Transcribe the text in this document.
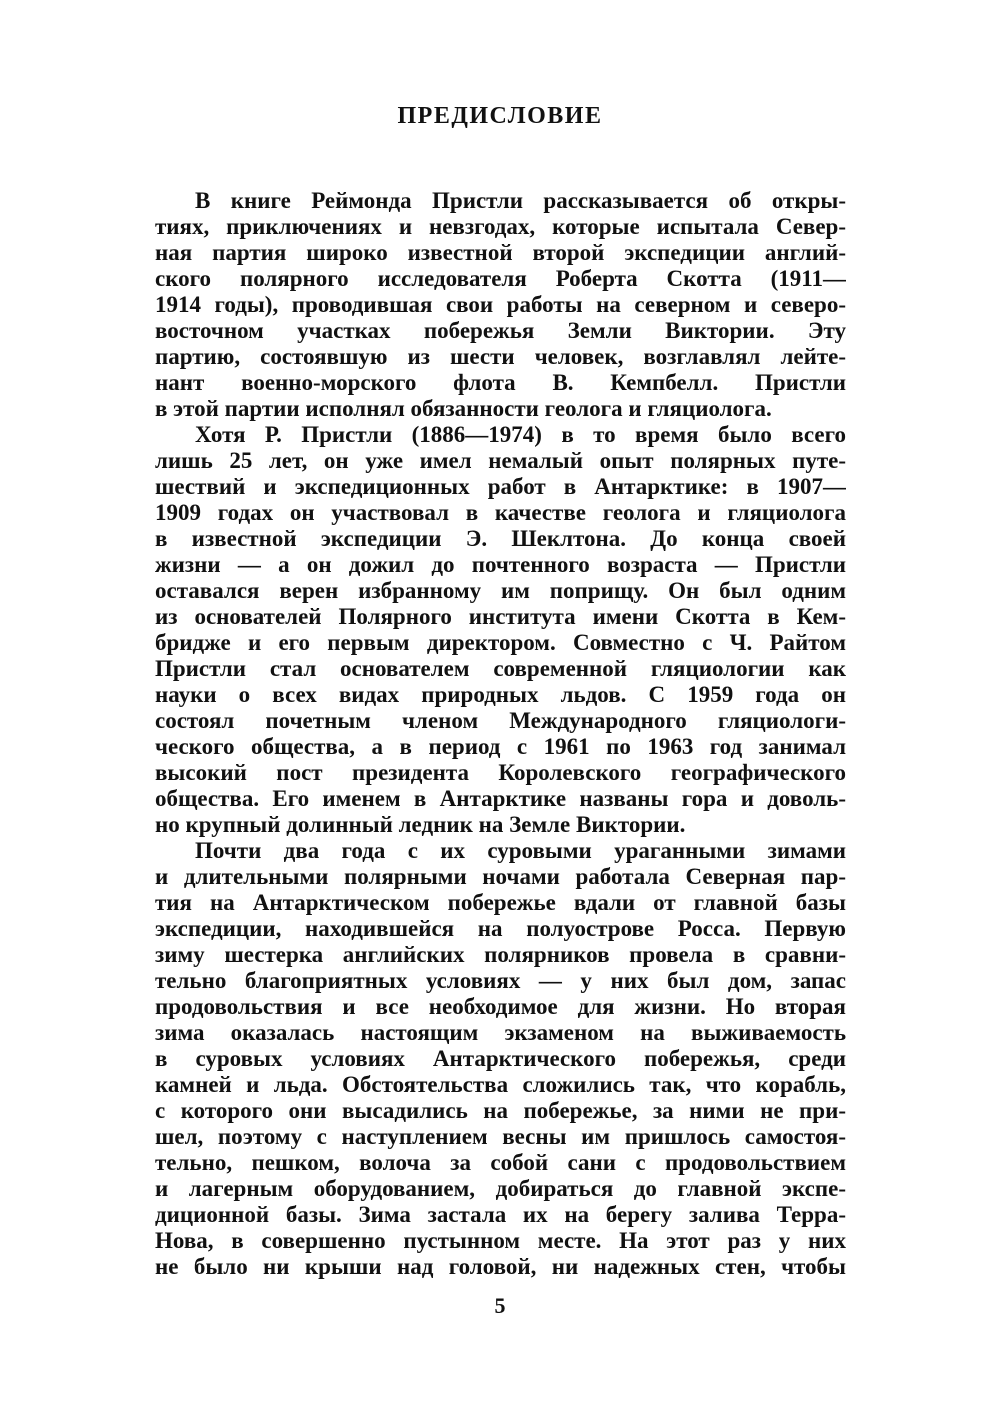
ПРЕДИСЛОВИЕ
В книге Реймонда Пристли рассказывается об откры-
тиях, приключениях и невзгодах, которые испытала Север-
ная партия широко известной второй экспедиции англий-
ского полярного исследователя Роберта Скотта (1911—
1914 годы), проводившая свои работы на северном и северо-
восточном участках побережья Земли Виктории. Эту
партию, состоявшую из шести человек, возглавлял лейте-
нант военно-морского флота В. Кемпбелл. Пристли
в этой партии исполнял обязанности геолога и гляциолога.
Хотя Р. Пристли (1886—1974) в то время было всего
лишь 25 лет, он уже имел немалый опыт полярных путе-
шествий и экспедиционных работ в Антарктике: в 1907—
1909 годах он участвовал в качестве геолога и гляциолога
в известной экспедиции Э. Шеклтона. До конца своей
жизни — а он дожил до почтенного возраста — Пристли
оставался верен избранному им поприщу. Он был одним
из основателей Полярного института имени Скотта в Кем-
бридже и его первым директором. Совместно с Ч. Райтом
Пристли стал основателем современной гляциологии как
науки о всех видах природных льдов. С 1959 года он
состоял почетным членом Международного гляциологи-
ческого общества, а в период с 1961 по 1963 год занимал
высокий пост президента Королевского географического
общества. Его именем в Антарктике названы гора и доволь-
но крупный долинный ледник на Земле Виктории.
Почти два года с их суровыми ураганными зимами
и длительными полярными ночами работала Северная пар-
тия на Антарктическом побережье вдали от главной базы
экспедиции, находившейся на полуострове Росса. Первую
зиму шестерка английских полярников провела в сравни-
тельно благоприятных условиях — у них был дом, запас
продовольствия и все необходимое для жизни. Но вторая
зима оказалась настоящим экзаменом на выживаемость
в суровых условиях Антарктического побережья, среди
камней и льда. Обстоятельства сложились так, что корабль,
с которого они высадились на побережье, за ними не при-
шел, поэтому с наступлением весны им пришлось самостоя-
тельно, пешком, волоча за собой сани с продовольствием
и лагерным оборудованием, добираться до главной экспе-
диционной базы. Зима застала их на берегу залива Терра-
Нова, в совершенно пустынном месте. На этот раз у них
не было ни крыши над головой, ни надежных стен, чтобы
5
